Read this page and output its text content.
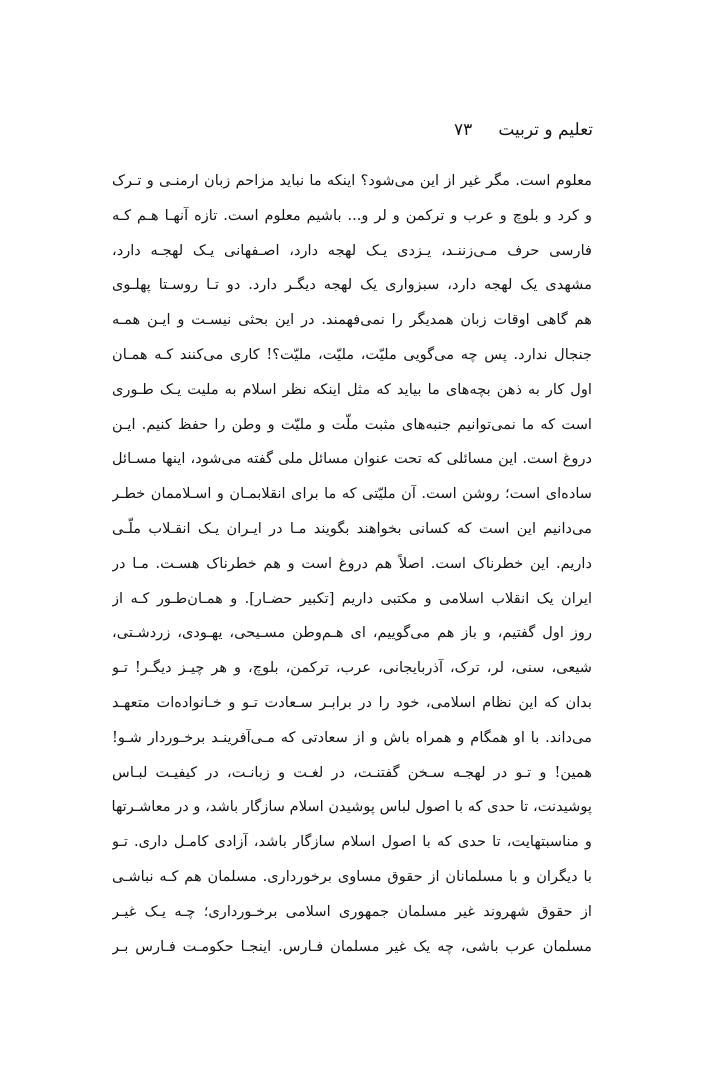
تعلیم و تربیت
۷۳
معلوم است. مگر غیر از این می‌شود؟ اینکه ما نباید مزاحم زبان ارمنـی و تـرک
و کرد و بلوچ و عرب و ترکمن و لر و... باشیم معلوم است. تازه آنهـا هـم کـه
فارسی حرف مـی‌زننـد، یـزدی یـک لهجه دارد، اصـفهانی یـک لهجـه دارد،
مشهدی یک لهجه دارد، سبزواری یک لهجه دیگـر دارد. دو تـا روسـتا پهلـوی
هم گاهی اوقات زبان همدیگر را نمی‌فهمند. در این بحثی نیسـت و ایـن همـه
جنجال ندارد. پس چه می‌گویی ملیّت، ملیّت، ملیّت؟! کاری می‌کنند کـه همـان
اول کار به ذهن بچه‌های ما بیاید که مثل اینکه نظر اسلام به ملیت یـک طـوری
است که ما نمی‌توانیم جنبه‌های مثبت ملّت و ملیّت و وطن را حفظ کنیم. ایـن
دروغ است. این مسائلی که تحت عنوان مسائل ملی گفته می‌شود، اینها مسـائل
ساده‌ای است؛ روشن است. آن ملیّتی که ما برای انقلابمـان و اسـلاممان خطـر
می‌دانیم این است که کسانی بخواهند بگویند مـا در ایـران یـک انقـلاب ملّـی
داریم. این خطرناک است. اصلاً هم دروغ است و هم خطرناک هسـت. مـا در
ایران یک انقلاب اسلامی و مکتبی داریم [تکبیر حضـار]. و همـان‌طـور کـه از
روز اول گفتیم، و باز هم می‌گوییم، ای هـم‌وطن مسـیحی، یهـودی، زردشـتی،
شیعی، سنی، لر، ترک، آذربایجانی، عرب، ترکمن، بلوچ، و هر چیـز دیگـر! تـو
بدان که این نظام اسلامی، خود را در برابـر سـعادت تـو و خـانواده‌ات متعهـد
می‌داند. با او همگام و همراه باش و از سعادتی که مـی‌آفرینـد برخـوردار شـو!
همین! و تـو در لهجـه سـخن گفتنـت، در لغـت و زبانـت، در کیفیـت لبـاس
پوشیدنت، تا حدی که با اصول لباس پوشیدن اسلام سازگار باشد، و در معاشـرتها
و مناسبتهایت، تا حدی که با اصول اسلام سازگار باشد، آزادی کامـل داری. تـو
با دیگران و با مسلمانان از حقوق مساوی برخورداری. مسلمان هم کـه نباشـی
از حقوق شهروند غیر مسلمان جمهوری اسلامی برخـورداری؛ چـه یـک غیـر
مسلمان عرب باشی، چه یک غیر مسلمان فـارس. اینجـا حکومـت فـارس بـر
